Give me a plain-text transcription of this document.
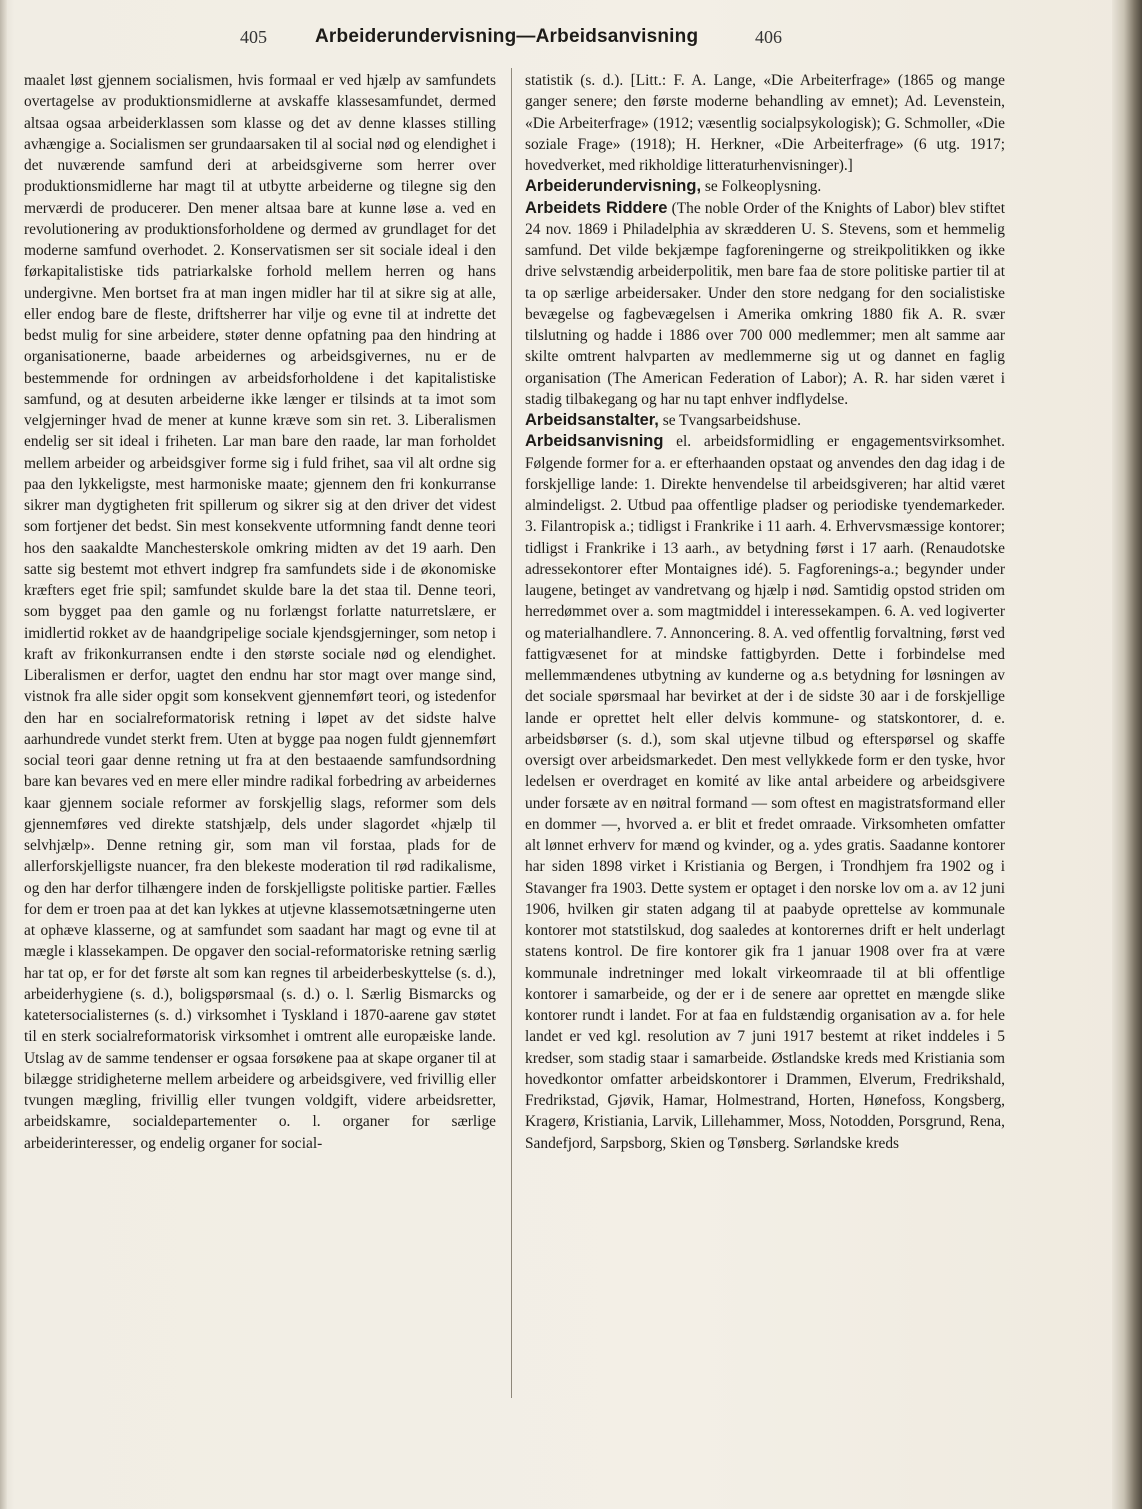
405	Arbeiderundervisning—Arbeidsanvisning	406

maalet løst gjennem socialismen, hvis formaal er ved hjælp av samfundets overtagelse av produktionsmidlerne at avskaffe klassesamfundet, dermed altsaa ogsaa arbeiderklassen som klasse og det av denne klasses stilling avhængige a. Socialismen ser grundaarsaken til al social nød og elendighet i det nuværende samfund deri at arbeidsgiverne som herrer over produktionsmidlerne har magt til at utbytte arbeiderne og tilegne sig den merværdi de producerer. Den mener altsaa bare at kunne løse a. ved en revolutionering av produktionsforholdene og dermed av grundlaget for det moderne samfund overhodet. 2. Konservatismen ser sit sociale ideal i den førkapitalistiske tids patriarkalske forhold mellem herren og hans undergivne. Men bortset fra at man ingen midler har til at sikre sig at alle, eller endog bare de fleste, driftsherrer har vilje og evne til at indrette det bedst mulig for sine arbeidere, støter denne opfatning paa den hindring at organisationerne, baade arbeidernes og arbeidsgivernes, nu er de bestemmende for ordningen av arbeidsforholdene i det kapitalistiske samfund, og at desuten arbeiderne ikke længer er tilsinds at ta imot som velgjerninger hvad de mener at kunne kræve som sin ret. 3. Liberalismen endelig ser sit ideal i friheten. Lar man bare den raade, lar man forholdet mellem arbeider og arbeidsgiver forme sig i fuld frihet, saa vil alt ordne sig paa den lykkeligste, mest harmoniske maate; gjennem den fri konkurranse sikrer man dygtigheten frit spillerum og sikrer sig at den driver det videst som fortjener det bedst. Sin mest konsekvente utformning fandt denne teori hos den saakaldte Manchesterskole omkring midten av det 19 aarh. Den satte sig bestemt mot ethvert indgrep fra samfundets side i de økonomiske kræfters eget frie spil; samfundet skulde bare la det staa til. Denne teori, som bygget paa den gamle og nu forlængst forlatte naturretslære, er imidlertid rokket av de haandgripelige sociale kjendsgjerninger, som netop i kraft av frikonkurransen endte i den største sociale nød og elendighet. Liberalismen er derfor, uagtet den endnu har stor magt over mange sind, vistnok fra alle sider opgit som konsekvent gjennemført teori, og istedenfor den har en socialreformatorisk retning i løpet av det sidste halve aarhundrede vundet sterkt frem. Uten at bygge paa nogen fuldt gjennemført social teori gaar denne retning ut fra at den bestaaende samfundsordning bare kan bevares ved en mere eller mindre radikal forbedring av arbeidernes kaar gjennem sociale reformer av forskjellig slags, reformer som dels gjennemføres ved direkte statshjælp, dels under slagordet «hjælp til selvhjælp». Denne retning gir, som man vil forstaa, plads for de allerforskjelligste nuancer, fra den blekeste moderation til rød radikalisme, og den har derfor tilhængere inden de forskjelligste politiske partier. Fælles for dem er troen paa at det kan lykkes at utjevne klassemotsætningerne uten at ophæve klasserne, og at samfundet som saadant har magt og evne til at mægle i klassekampen. De opgaver den social-reformatoriske retning særlig har tat op, er for det første alt som kan regnes til arbeiderbeskyttelse (s. d.), arbeiderhygiene (s. d.), boligspørsmaal (s. d.) o. l. Særlig Bismarcks og katetersocialisternes (s. d.) virksomhet i Tyskland i 1870-aarene gav støtet til en sterk socialreformatorisk virksomhet i omtrent alle europæiske lande. Utslag av de samme tendenser er ogsaa forsøkene paa at skape organer til at bilægge stridigheterne mellem arbeidere og arbeidsgivere, ved frivillig eller tvungen mægling, frivillig eller tvungen voldgift, videre arbeidsretter, arbeidskamre, socialdepartementer o. l. organer for særlige arbeiderinteresser, og endelig organer for social-

statistik (s. d.). [Litt.: F. A. Lange, «Die Arbeiterfrage» (1865 og mange ganger senere; den første moderne behandling av emnet); Ad. Levenstein, «Die Arbeiterfrage» (1912; væsentlig socialpsykologisk); G. Schmoller, «Die soziale Frage» (1918); H. Herkner, «Die Arbeiterfrage» (6 utg. 1917; hovedverket, med rikholdige litteraturhenvisninger).]

Arbeiderundervisning, se Folkeoplysning.

Arbeidets Riddere (The noble Order of the Knights of Labor) blev stiftet 24 nov. 1869 i Philadelphia av skrædderen U. S. Stevens, som et hemmelig samfund. Det vilde bekjæmpe fagforeningerne og streikpolitikken og ikke drive selvstændig arbeiderpolitik, men bare faa de store politiske partier til at ta op særlige arbeidersaker. Under den store nedgang for den socialistiske bevægelse og fagbevægelsen i Amerika omkring 1880 fik A. R. svær tilslutning og hadde i 1886 over 700 000 medlemmer; men alt samme aar skilte omtrent halvparten av medlemmerne sig ut og dannet en faglig organisation (The American Federation of Labor); A. R. har siden været i stadig tilbakegang og har nu tapt enhver indflydelse.

Arbeidsanstalter, se Tvangsarbeidshuse.

Arbeidsanvisning el. arbeidsformidling er engagementsvirksomhet. Følgende former for a. er efterhaanden opstaat og anvendes den dag idag i de forskjellige lande: 1. Direkte henvendelse til arbeidsgiveren; har altid været almindeligst. 2. Utbud paa offentlige pladser og periodiske tyendemarkeder. 3. Filantropisk a.; tidligst i Frankrike i 11 aarh. 4. Erhvervsmæssige kontorer; tidligst i Frankrike i 13 aarh., av betydning først i 17 aarh. (Renaudotske adressekontorer efter Montaignes idé). 5. Fagforenings-a.; begynder under laugene, betinget av vandretvang og hjælp i nød. Samtidig opstod striden om herredømmet over a. som magtmiddel i interessekampen. 6. A. ved logiverter og materialhandlere. 7. Annoncering. 8. A. ved offentlig forvaltning, først ved fattigvæsenet for at mindske fattigbyrden. Dette i forbindelse med mellemmændenes utbytning av kunderne og a.s betydning for løsningen av det sociale spørsmaal har bevirket at der i de sidste 30 aar i de forskjellige lande er oprettet helt eller delvis kommune- og statskontorer, d. e. arbeidsbørser (s. d.), som skal utjevne tilbud og efterspørsel og skaffe oversigt over arbeidsmarkedet. Den mest vellykkede form er den tyske, hvor ledelsen er overdraget en komité av like antal arbeidere og arbeidsgivere under forsæte av en nøitral formand — som oftest en magistratsformand eller en dommer —, hvorved a. er blit et fredet omraade. Virksomheten omfatter alt lønnet erhverv for mænd og kvinder, og a. ydes gratis. Saadanne kontorer har siden 1898 virket i Kristiania og Bergen, i Trondhjem fra 1902 og i Stavanger fra 1903. Dette system er optaget i den norske lov om a. av 12 juni 1906, hvilken gir staten adgang til at paabyde oprettelse av kommunale kontorer mot statstilskud, dog saaledes at kontorernes drift er helt underlagt statens kontrol. De fire kontorer gik fra 1 januar 1908 over fra at være kommunale indretninger med lokalt virkeomraade til at bli offentlige kontorer i samarbeide, og der er i de senere aar oprettet en mængde slike kontorer rundt i landet. For at faa en fuldstændig organisation av a. for hele landet er ved kgl. resolution av 7 juni 1917 bestemt at riket inddeles i 5 kredser, som stadig staar i samarbeide. Østlandske kreds med Kristiania som hovedkontor omfatter arbeidskontorer i Drammen, Elverum, Fredrikshald, Fredrikstad, Gjøvik, Hamar, Holmestrand, Horten, Hønefoss, Kongsberg, Kragerø, Kristiania, Larvik, Lillehammer, Moss, Notodden, Porsgrund, Rena, Sandefjord, Sarpsborg, Skien og Tønsberg. Sørlandske kreds
